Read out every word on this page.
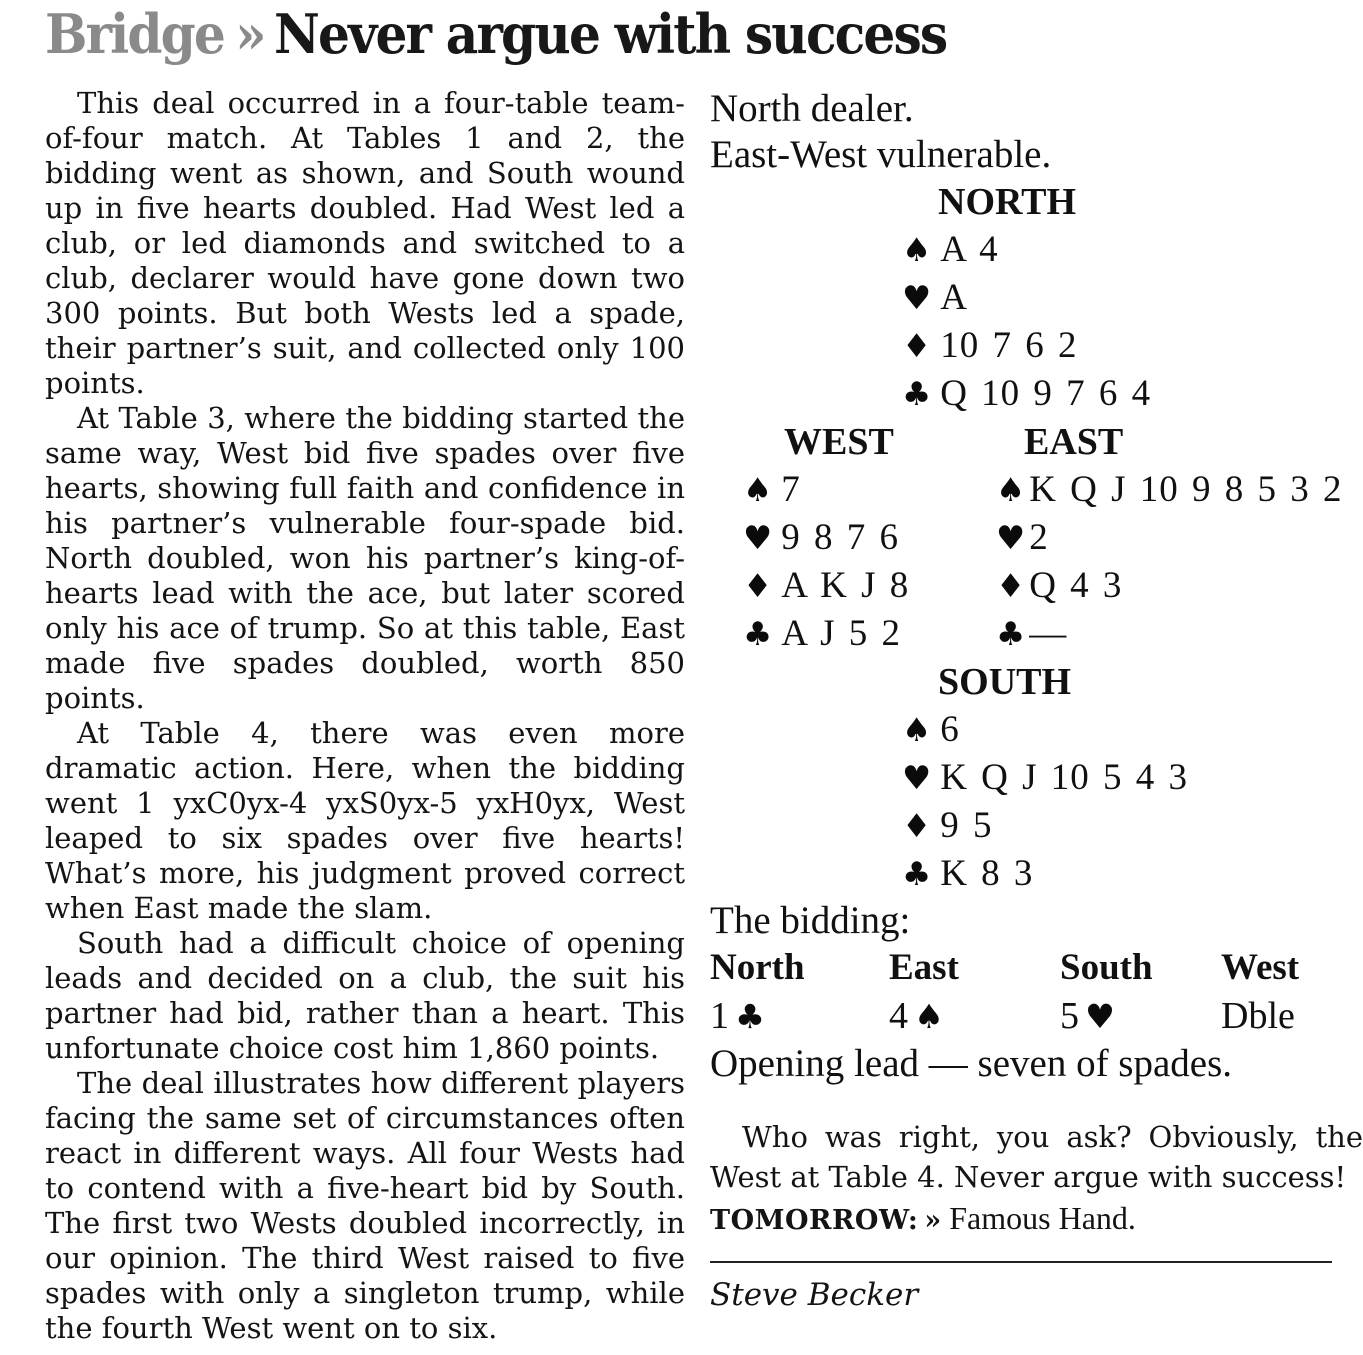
Bridge » Never argue with success

This deal occurred in a four-table team-of-four match. At Tables 1 and 2, the bidding went as shown, and South wound up in five hearts doubled. Had West led a club, or led diamonds and switched to a club, declarer would have gone down two 300 points. But both Wests led a spade, their partner’s suit, and collected only 100 points.

At Table 3, where the bidding started the same way, West bid five spades over five hearts, showing full faith and confidence in his partner’s vulnerable four-spade bid. North doubled, won his partner’s king-of-hearts lead with the ace, but later scored only his ace of trump. So at this table, East made five spades doubled, worth 850 points.

At Table 4, there was even more dramatic action. Here, when the bidding went 1 yxC0yx-4 yxS0yx-5 yxH0yx, West leaped to six spades over five hearts! What’s more, his judgment proved correct when East made the slam.

South had a difficult choice of opening leads and decided on a club, the suit his partner had bid, rather than a heart. This unfortunate choice cost him 1,860 points.

The deal illustrates how different players facing the same set of circumstances often react in different ways. All four Wests had to contend with a five-heart bid by South. The first two Wests doubled incorrectly, in our opinion. The third West raised to five spades with only a singleton trump, while the fourth West went on to six.

North dealer.
East-West vulnerable.
NORTH
♠ A 4
♥ A
♦ 10 7 6 2
♣ Q 10 9 7 6 4
WEST	EAST
♠ 7
♥ 9 8 7 6
♦ A K J 8
♣ A J 5 2
♠K Q J 10 9 8 5 3 2
♥2
♦Q 4 3
♣—
SOUTH
♠ 6
♥ K Q J 10 5 4 3
♦ 9 5
♣ K 8 3
The bidding:
North	East	South	West
1 ♣	4 ♠	5 ♥	Dble
Opening lead — seven of spades.

Who was right, you ask? Obviously, the West at Table 4. Never argue with success!

TOMORROW: » Famous Hand.
Steve Becker
